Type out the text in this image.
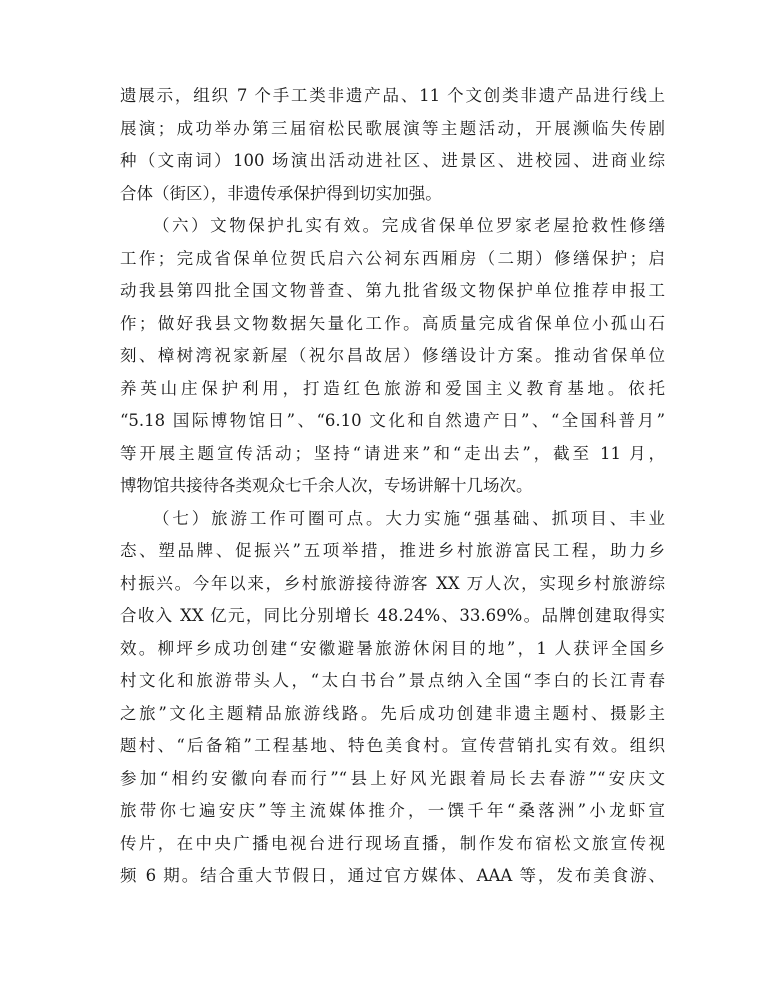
遗展示，组织 7 个手工类非遗产品、11 个文创类非遗产品进行线上
展演；成功举办第三届宿松民歌展演等主题活动，开展濒临失传剧
种（文南词）100 场演出活动进社区、进景区、进校园、进商业综
合体（街区），非遗传承保护得到切实加强。
（六）文物保护扎实有效。完成省保单位罗家老屋抢救性修缮
工作；完成省保单位贺氏启六公祠东西厢房（二期）修缮保护；启
动我县第四批全国文物普查、第九批省级文物保护单位推荐申报工
作；做好我县文物数据矢量化工作。高质量完成省保单位小孤山石
刻、樟树湾祝家新屋（祝尔昌故居）修缮设计方案。推动省保单位
养英山庄保护利用，打造红色旅游和爱国主义教育基地。依托
“5.18 国际博物馆日”、“6.10 文化和自然遗产日”、“全国科普月”
等开展主题宣传活动；坚持“请进来”和“走出去”，截至 11 月，
博物馆共接待各类观众七千余人次，专场讲解十几场次。
（七）旅游工作可圈可点。大力实施“强基础、抓项目、丰业
态、塑品牌、促振兴”五项举措，推进乡村旅游富民工程，助力乡
村振兴。今年以来，乡村旅游接待游客 XX 万人次，实现乡村旅游综
合收入 XX 亿元，同比分别增长 48.24%、33.69%。品牌创建取得实
效。柳坪乡成功创建“安徽避暑旅游休闲目的地”，1 人获评全国乡
村文化和旅游带头人，“太白书台”景点纳入全国“李白的长江青春
之旅”文化主题精品旅游线路。先后成功创建非遗主题村、摄影主
题村、“后备箱”工程基地、特色美食村。宣传营销扎实有效。组织
参加“相约安徽向春而行”“县上好风光跟着局长去春游”“安庆文
旅带你七遍安庆”等主流媒体推介，一馔千年“桑落洲”小龙虾宣
传片，在中央广播电视台进行现场直播，制作发布宿松文旅宣传视
频 6 期。结合重大节假日，通过官方媒体、AAA 等，发布美食游、
